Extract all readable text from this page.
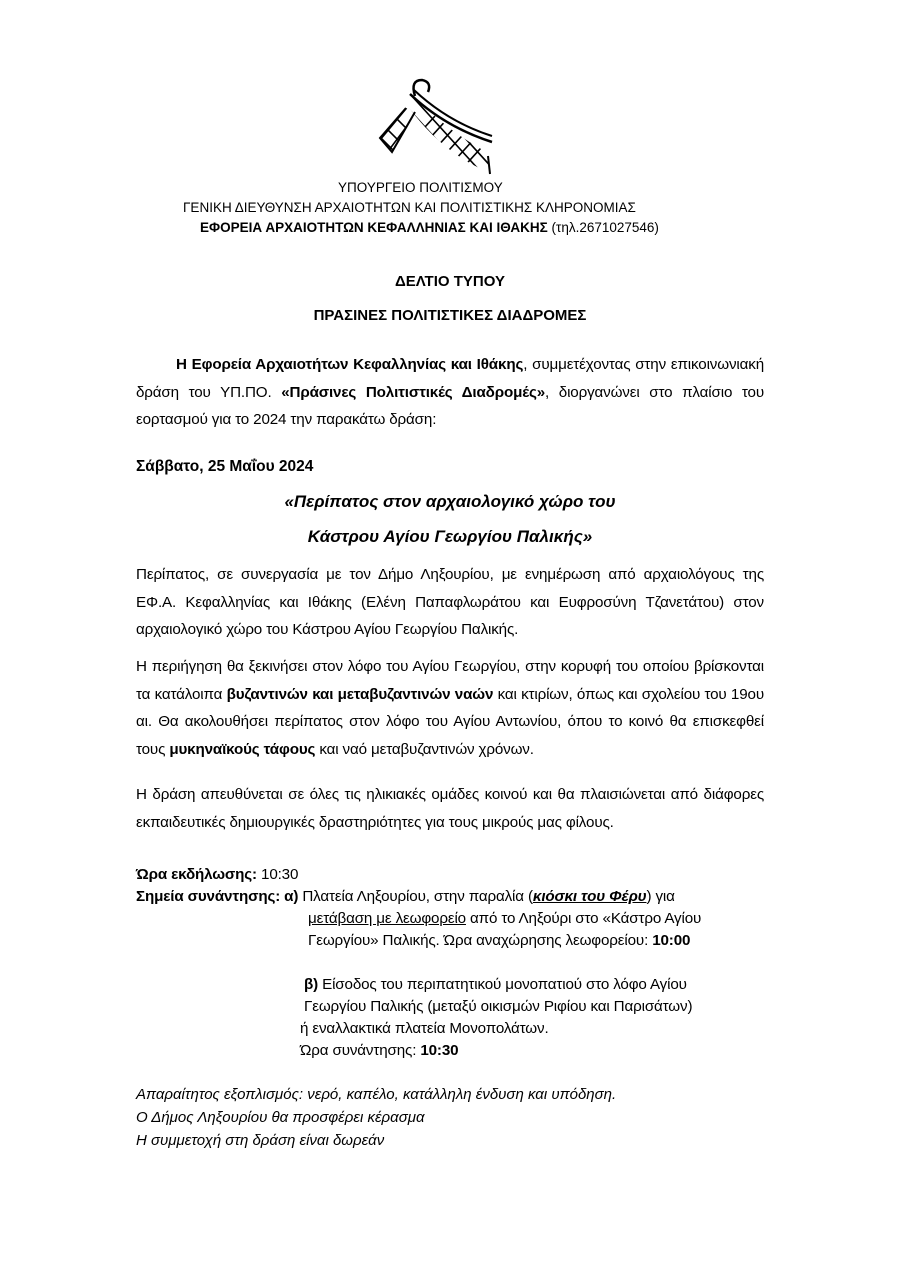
ΥΠΟΥΡΓΕΙΟ ΠΟΛΙΤΙΣΜΟΥ
ΓΕΝΙΚΗ ΔΙΕΥΘΥΝΣΗ ΑΡΧΑΙΟΤΗΤΩΝ ΚΑΙ ΠΟΛΙΤΙΣΤΙΚΗΣ ΚΛΗΡΟΝΟΜΙΑΣ
ΕΦΟΡΕΙΑ ΑΡΧΑΙΟΤΗΤΩΝ ΚΕΦΑΛΛΗΝΙΑΣ ΚΑΙ ΙΘΑΚΗΣ (τηλ.2671027546)
ΔΕΛΤΙΟ ΤΥΠΟΥ
ΠΡΑΣΙΝΕΣ ΠΟΛΙΤΙΣΤΙΚΕΣ ΔΙΑΔΡΟΜΕΣ
Η Εφορεία Αρχαιοτήτων Κεφαλληνίας και Ιθάκης, συμμετέχοντας στην επικοινωνιακή δράση του ΥΠ.ΠΟ. «Πράσινες Πολιτιστικές Διαδρομές», διοργανώνει στο πλαίσιο του εορτασμού για το 2024 την παρακάτω δράση:
Σάββατο, 25 Μαΐου 2024
«Περίπατος στον αρχαιολογικό χώρο του
Κάστρου Αγίου Γεωργίου Παλικής»
Περίπατος, σε συνεργασία με τον Δήμο Ληξουρίου, με ενημέρωση από αρχαιολόγους της ΕΦ.Α. Κεφαλληνίας και Ιθάκης (Ελένη Παπαφλωράτου και Ευφροσύνη Τζανετάτου) στον αρχαιολογικό χώρο του Κάστρου Αγίου Γεωργίου Παλικής.
Η περιήγηση θα ξεκινήσει στον λόφο του Αγίου Γεωργίου, στην κορυφή του οποίου βρίσκονται τα κατάλοιπα βυζαντινών και μεταβυζαντινών ναών και κτιρίων, όπως και σχολείου του 19ου αι. Θα ακολουθήσει περίπατος στον λόφο του Αγίου Αντωνίου, όπου το κοινό θα επισκεφθεί τους μυκηναϊκούς τάφους και ναό μεταβυζαντινών χρόνων.
Η δράση απευθύνεται σε όλες τις ηλικιακές ομάδες κοινού και θα πλαισιώνεται από διάφορες εκπαιδευτικές δημιουργικές δραστηριότητες για τους μικρούς μας φίλους.
Ώρα εκδήλωσης: 10:30
Σημεία συνάντησης: α) Πλατεία Ληξουρίου, στην παραλία (κιόσκι του Φέρυ) για
μετάβαση με λεωφορείο από το Ληξούρι στο «Κάστρο Αγίου
Γεωργίου» Παλικής. Ώρα αναχώρησης λεωφορείου: 10:00
β) Είσοδος του περιπατητικού μονοπατιού στο λόφο Αγίου
Γεωργίου Παλικής (μεταξύ οικισμών Ριφίου και Παρισάτων)
ή εναλλακτικά πλατεία Μονοπολάτων.
Ώρα συνάντησης: 10:30
Απαραίτητος εξοπλισμός: νερό, καπέλο, κατάλληλη ένδυση και υπόδηση.
Ο Δήμος Ληξουρίου θα προσφέρει κέρασμα
Η συμμετοχή στη δράση είναι δωρεάν
